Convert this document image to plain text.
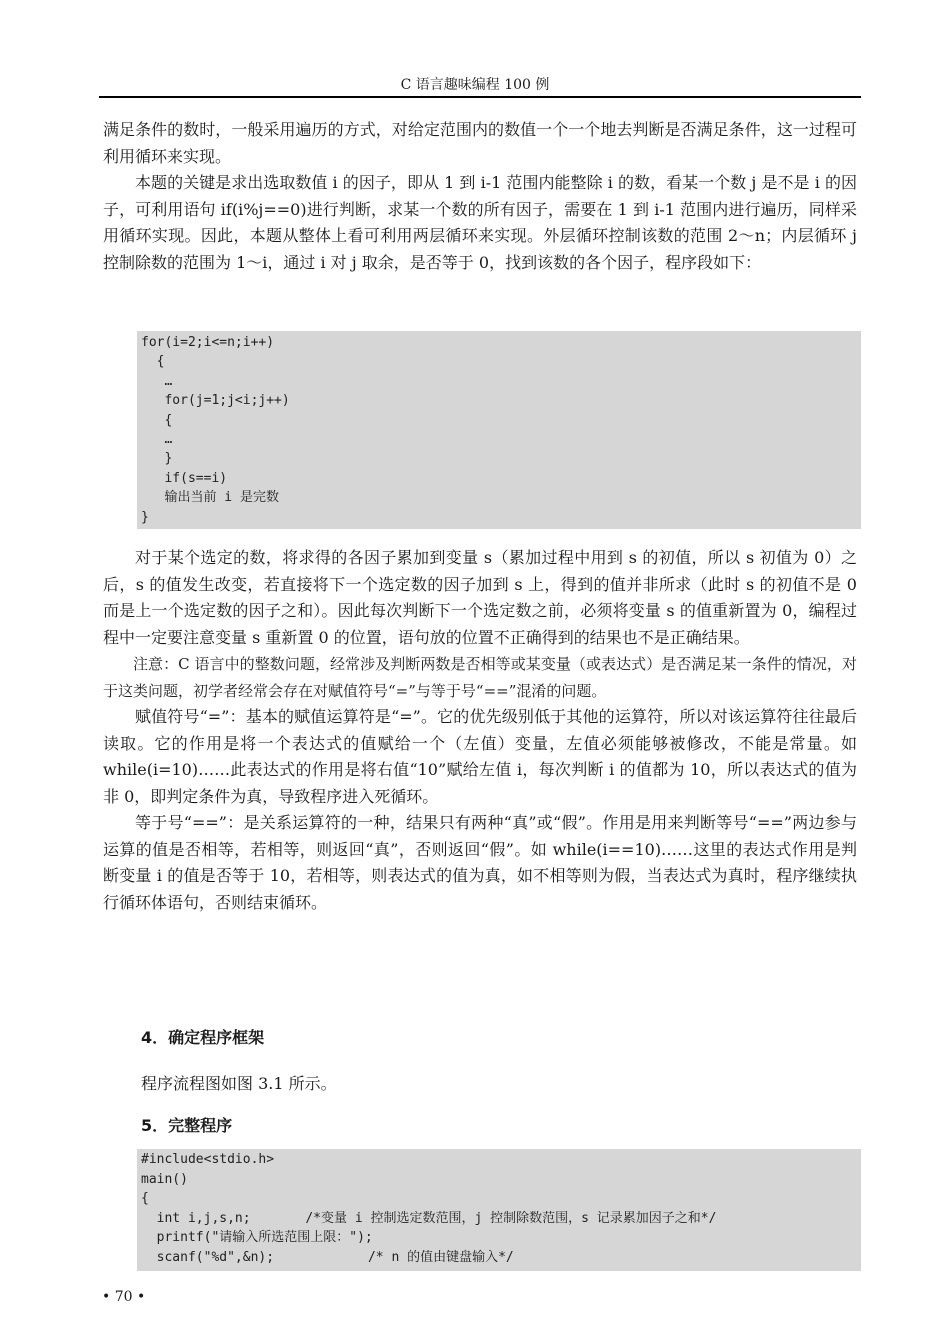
C 语言趣味编程 100 例

满足条件的数时，一般采用遍历的方式，对给定范围内的数值一个一个地去判断是否满足条件，这一过程可利用循环来实现。

本题的关键是求出选取数值 i 的因子，即从 1 到 i-1 范围内能整除 i 的数，看某一个数 j 是不是 i 的因子，可利用语句 if(i%j==0)进行判断，求某一个数的所有因子，需要在 1 到 i-1 范围内进行遍历，同样采用循环实现。因此，本题从整体上看可利用两层循环来实现。外层循环控制该数的范围 2～n；内层循环 j 控制除数的范围为 1～i，通过 i 对 j 取余，是否等于 0，找到该数的各个因子，程序段如下：

for(i=2;i<=n;i++)
{
…
for(j=1;j<i;j++)
{
…
}
if(s==i)
输出当前 i 是完数
}

对于某个选定的数，将求得的各因子累加到变量 s（累加过程中用到 s 的初值，所以 s 初值为 0）之后，s 的值发生改变，若直接将下一个选定数的因子加到 s 上，得到的值并非所求（此时 s 的初值不是 0 而是上一个选定数的因子之和）。因此每次判断下一个选定数之前，必须将变量 s 的值重新置为 0，编程过程中一定要注意变量 s 重新置 0 的位置，语句放的位置不正确得到的结果也不是正确结果。

注意：C 语言中的整数问题，经常涉及判断两数是否相等或某变量（或表达式）是否满足某一条件的情况，对于这类问题，初学者经常会存在对赋值符号“=”与等于号“==”混淆的问题。

赋值符号“=”：基本的赋值运算符是“=”。它的优先级别低于其他的运算符，所以对该运算符往往最后读取。它的作用是将一个表达式的值赋给一个（左值）变量，左值必须能够被修改，不能是常量。如 while(i=10)……此表达式的作用是将右值“10”赋给左值 i，每次判断 i 的值都为 10，所以表达式的值为非 0，即判定条件为真，导致程序进入死循环。

等于号“==”：是关系运算符的一种，结果只有两种“真”或“假”。作用是用来判断等号“==”两边参与运算的值是否相等，若相等，则返回“真”，否则返回“假”。如 while(i==10)……这里的表达式作用是判断变量 i 的值是否等于 10，若相等，则表达式的值为真，如不相等则为假，当表达式为真时，程序继续执行循环体语句，否则结束循环。

4．确定程序框架
程序流程图如图 3.1 所示。
5．完整程序
#include<stdio.h>
main()
{
int i,j,s,n;       /*变量 i 控制选定数范围，j 控制除数范围，s 记录累加因子之和*/
printf("请输入所选范围上限：");
scanf("%d",&n);            /* n 的值由键盘输入*/
• 70 •
